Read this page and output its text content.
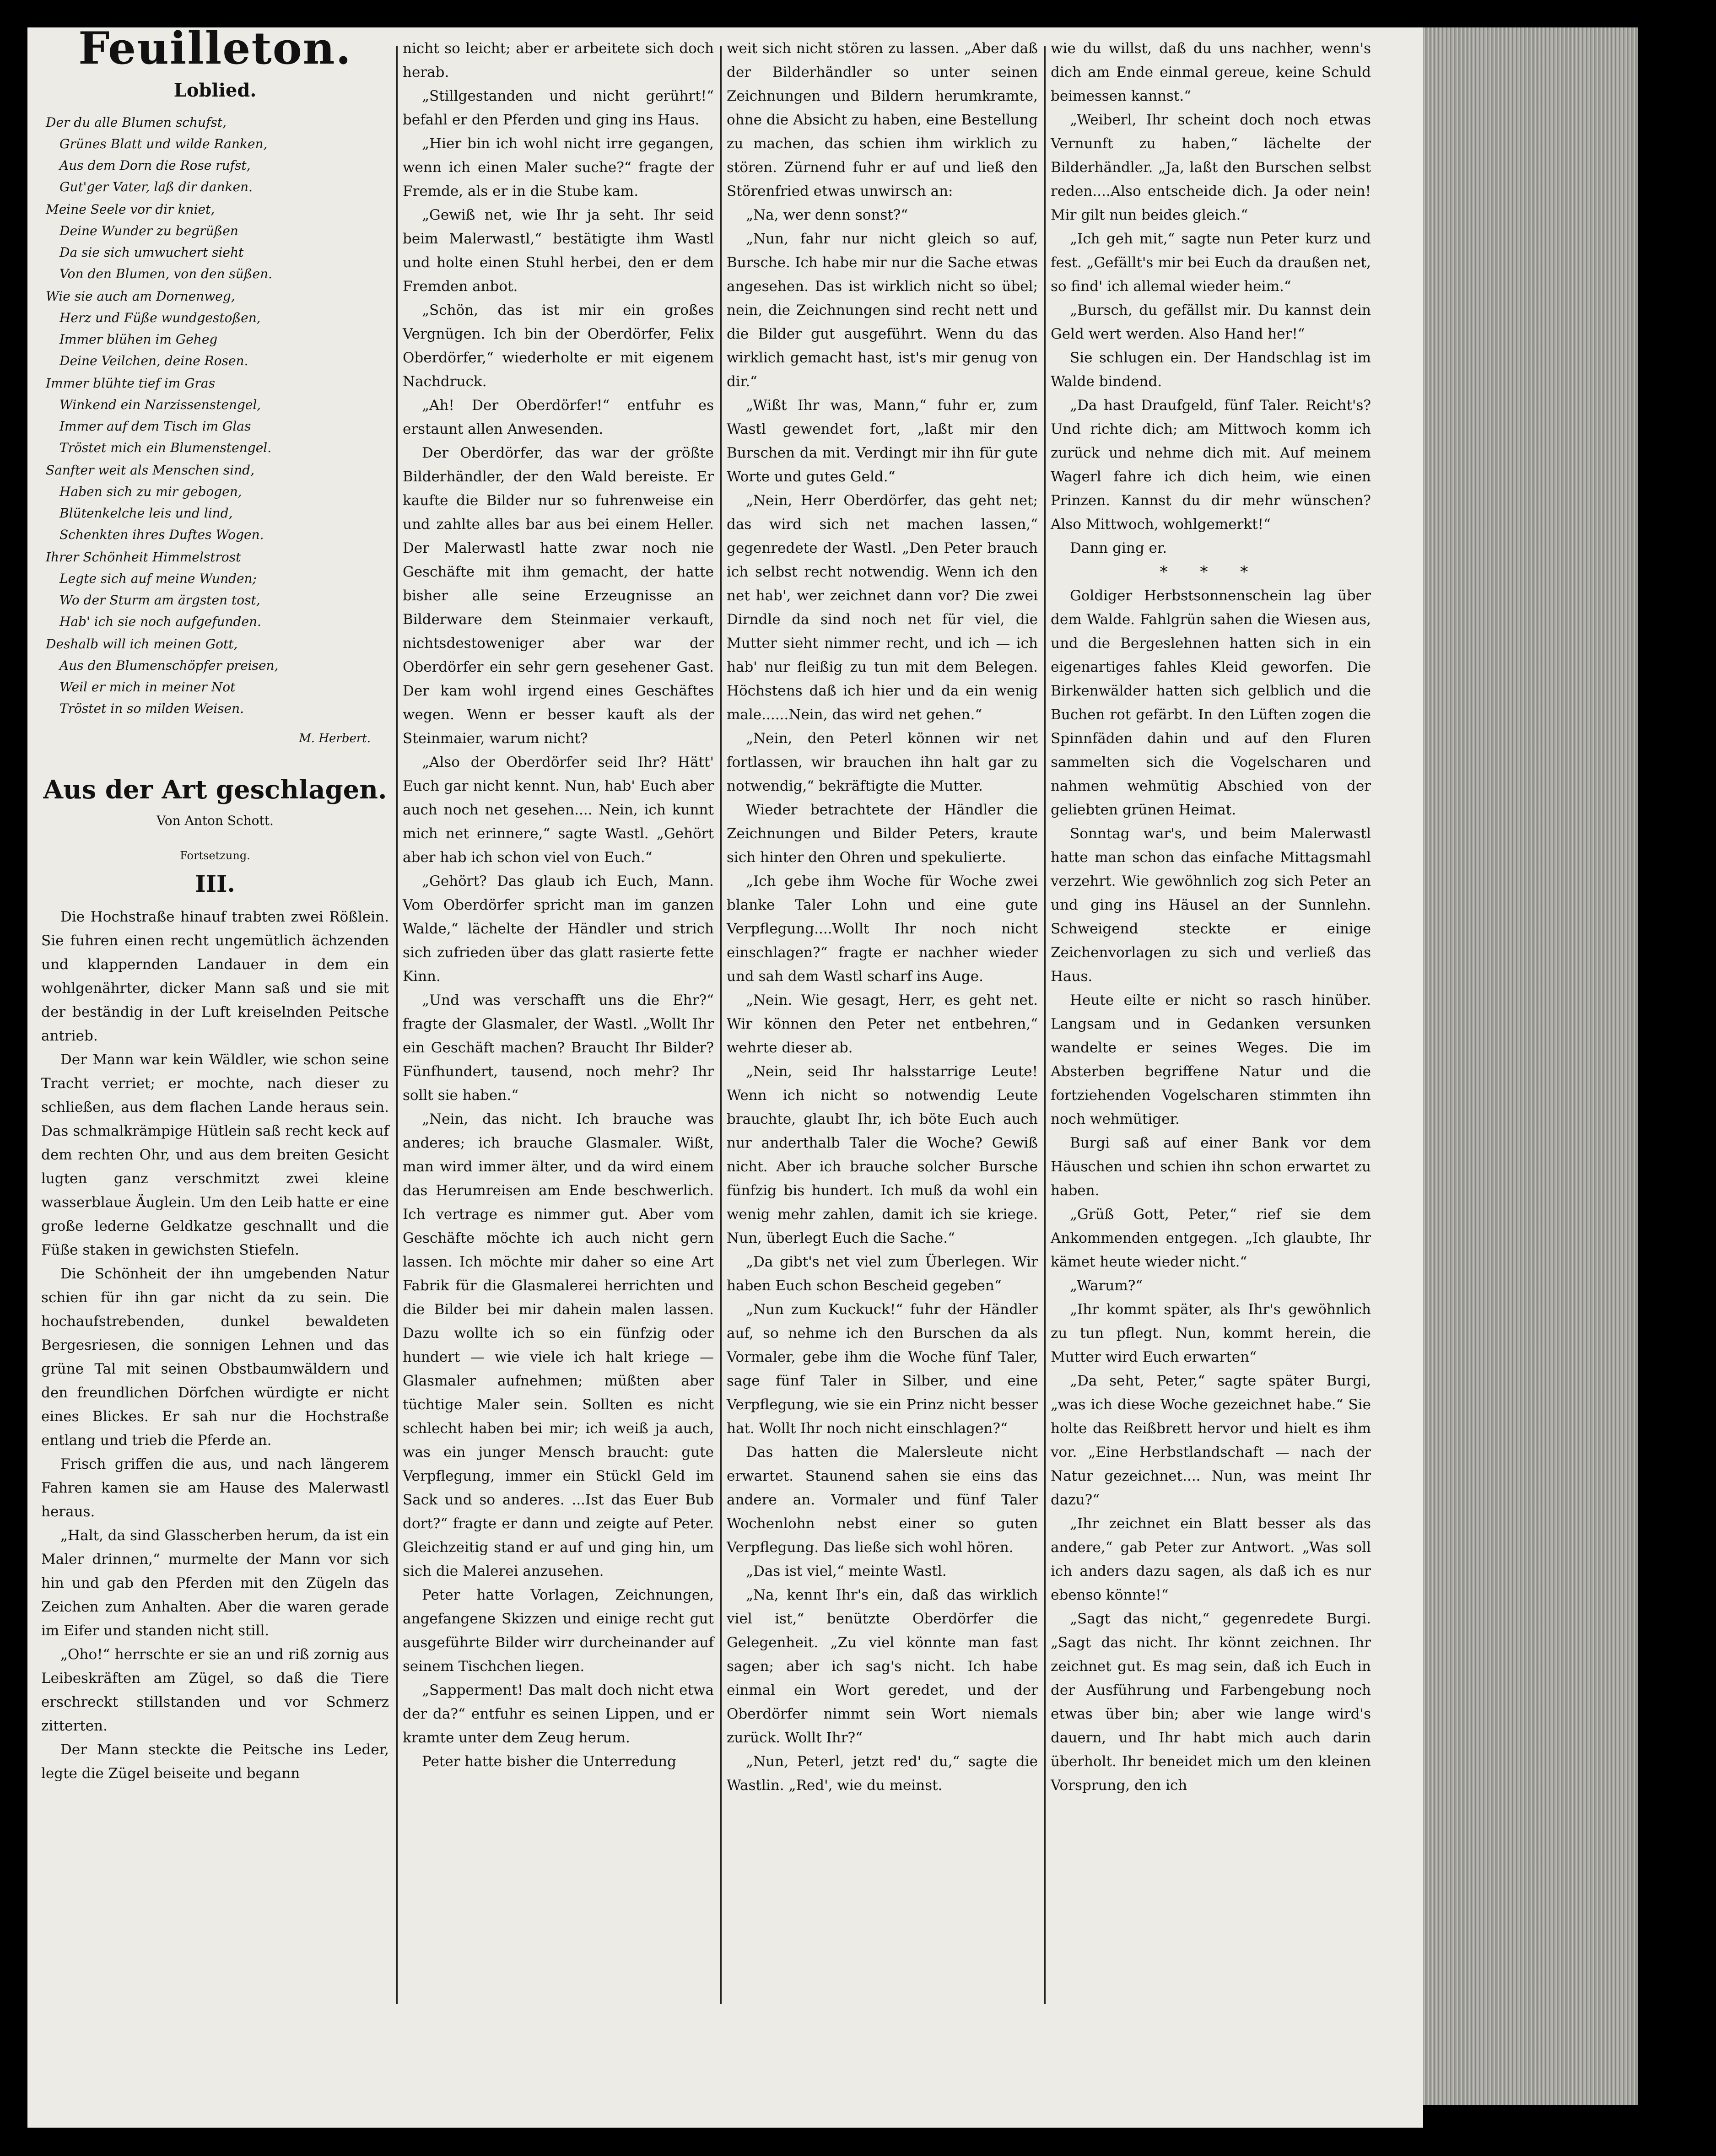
Feuilleton.
Loblied.
Der du alle Blumen schufst,
Grünes Blatt und wilde Ranken,
Aus dem Dorn die Rose rufst,
Gut'ger Vater, laß dir danken.
Meine Seele vor dir kniet,
Deine Wunder zu begrüßen
Da sie sich umwuchert sieht
Von den Blumen, von den süßen.
Wie sie auch am Dornenweg,
Herz und Füße wundgestoßen,
Immer blühen im Geheg
Deine Veilchen, deine Rosen.
Immer blühte tief im Gras
Winkend ein Narzissenstengel,
Immer auf dem Tisch im Glas
Tröstet mich ein Blumenstengel.
Sanfter weit als Menschen sind,
Haben sich zu mir gebogen,
Blütenkelche leis und lind,
Schenkten ihres Duftes Wogen.
Ihrer Schönheit Himmelstrost
Legte sich auf meine Wunden;
Wo der Sturm am ärgsten tost,
Hab' ich sie noch aufgefunden.
Deshalb will ich meinen Gott,
Aus den Blumenschöpfer preisen,
Weil er mich in meiner Not
Tröstet in so milden Weisen.
M. Herbert.
Aus der Art geschlagen.
Von Anton Schott.
Fortsetzung.
III.

Die Hochstraße hinauf trabten zwei Rößlein. Sie fuhren einen recht ungemütlich ächzenden und klappernden Landauer in dem ein wohlgenährter, dicker Mann saß und sie mit der beständig in der Luft kreiselnden Peitsche antrieb.

Der Mann war kein Wäldler, wie schon seine Tracht verriet; er mochte, nach dieser zu schließen, aus dem flachen Lande heraus sein. Das schmalkrämpige Hütlein saß recht keck auf dem rechten Ohr, und aus dem breiten Gesicht lugten ganz verschmitzt zwei kleine wasserblaue Äuglein. Um den Leib hatte er eine große lederne Geldkatze geschnallt und die Füße staken in gewichsten Stiefeln.

Die Schönheit der ihn umgebenden Natur schien für ihn gar nicht da zu sein. Die hochaufstrebenden, dunkel bewaldeten Bergesriesen, die sonnigen Lehnen und das grüne Tal mit seinen Obstbaumwäldern und den freundlichen Dörfchen würdigte er nicht eines Blickes. Er sah nur die Hochstraße entlang und trieb die Pferde an.

Frisch griffen die aus, und nach längerem Fahren kamen sie am Hause des Malerwastl heraus.

„Halt, da sind Glasscherben herum, da ist ein Maler drinnen,“ murmelte der Mann vor sich hin und gab den Pferden mit den Zügeln das Zeichen zum Anhalten. Aber die waren gerade im Eifer und standen nicht still.

„Oho!“ herrschte er sie an und riß zornig aus Leibeskräften am Zügel, so daß die Tiere erschreckt stillstanden und vor Schmerz zitterten.

Der Mann steckte die Peitsche ins Leder, legte die Zügel beiseite und begann

nicht so leicht; aber er arbeitete sich doch herab.

„Stillgestanden und nicht gerührt!“ befahl er den Pferden und ging ins Haus.

„Hier bin ich wohl nicht irre gegangen, wenn ich einen Maler suche?“ fragte der Fremde, als er in die Stube kam.

„Gewiß net, wie Ihr ja seht. Ihr seid beim Malerwastl,“ bestätigte ihm Wastl und holte einen Stuhl herbei, den er dem Fremden anbot.

„Schön, das ist mir ein großes Vergnügen. Ich bin der Oberdörfer, Felix Oberdörfer,“ wiederholte er mit eigenem Nachdruck.

„Ah! Der Oberdörfer!“ entfuhr es erstaunt allen Anwesenden.

Der Oberdörfer, das war der größte Bilderhändler, der den Wald bereiste. Er kaufte die Bilder nur so fuhrenweise ein und zahlte alles bar aus bei einem Heller. Der Malerwastl hatte zwar noch nie Geschäfte mit ihm gemacht, der hatte bisher alle seine Erzeugnisse an Bilderware dem Steinmaier verkauft, nichtsdestoweniger aber war der Oberdörfer ein sehr gern gesehener Gast. Der kam wohl irgend eines Geschäftes wegen. Wenn er besser kauft als der Steinmaier, warum nicht?

„Also der Oberdörfer seid Ihr? Hätt' Euch gar nicht kennt. Nun, hab' Euch aber auch noch net gesehen.... Nein, ich kunnt mich net erinnere,“ sagte Wastl. „Gehört aber hab ich schon viel von Euch.“

„Gehört? Das glaub ich Euch, Mann. Vom Oberdörfer spricht man im ganzen Walde,“ lächelte der Händler und strich sich zufrieden über das glatt rasierte fette Kinn.

„Und was verschafft uns die Ehr?“ fragte der Glasmaler, der Wastl. „Wollt Ihr ein Geschäft machen? Braucht Ihr Bilder? Fünfhundert, tausend, noch mehr? Ihr sollt sie haben.“

„Nein, das nicht. Ich brauche was anderes; ich brauche Glasmaler. Wißt, man wird immer älter, und da wird einem das Herumreisen am Ende beschwerlich. Ich vertrage es nimmer gut. Aber vom Geschäfte möchte ich auch nicht gern lassen. Ich möchte mir daher so eine Art Fabrik für die Glasmalerei herrichten und die Bilder bei mir dahein malen lassen. Dazu wollte ich so ein fünfzig oder hundert — wie viele ich halt kriege — Glasmaler aufnehmen; müßten aber tüchtige Maler sein. Sollten es nicht schlecht haben bei mir; ich weiß ja auch, was ein junger Mensch braucht: gute Verpflegung, immer ein Stückl Geld im Sack und so anderes. ...Ist das Euer Bub dort?“ fragte er dann und zeigte auf Peter. Gleichzeitig stand er auf und ging hin, um sich die Malerei anzusehen.

Peter hatte Vorlagen, Zeichnungen, angefangene Skizzen und einige recht gut ausgeführte Bilder wirr durcheinander auf seinem Tischchen liegen.

„Sapperment! Das malt doch nicht etwa der da?“ entfuhr es seinen Lippen, und er kramte unter dem Zeug herum.

Peter hatte bisher die Unterredung

weit sich nicht stören zu lassen. „Aber daß der Bilderhändler so unter seinen Zeichnungen und Bildern herumkramte, ohne die Absicht zu haben, eine Bestellung zu machen, das schien ihm wirklich zu stören. Zürnend fuhr er auf und ließ den Störenfried etwas unwirsch an:

„Na, wer denn sonst?“

„Nun, fahr nur nicht gleich so auf, Bursche. Ich habe mir nur die Sache etwas angesehen. Das ist wirklich nicht so übel; nein, die Zeichnungen sind recht nett und die Bilder gut ausgeführt. Wenn du das wirklich gemacht hast, ist's mir genug von dir.“

„Wißt Ihr was, Mann,“ fuhr er, zum Wastl gewendet fort, „laßt mir den Burschen da mit. Verdingt mir ihn für gute Worte und gutes Geld.“

„Nein, Herr Oberdörfer, das geht net; das wird sich net machen lassen,“ gegenredete der Wastl. „Den Peter brauch ich selbst recht notwendig. Wenn ich den net hab', wer zeichnet dann vor? Die zwei Dirndle da sind noch net für viel, die Mutter sieht nimmer recht, und ich — ich hab' nur fleißig zu tun mit dem Belegen. Höchstens daß ich hier und da ein wenig male......Nein, das wird net gehen.“

„Nein, den Peterl können wir net fortlassen, wir brauchen ihn halt gar zu notwendig,“ bekräftigte die Mutter.

Wieder betrachtete der Händler die Zeichnungen und Bilder Peters, kraute sich hinter den Ohren und spekulierte.

„Ich gebe ihm Woche für Woche zwei blanke Taler Lohn und eine gute Verpflegung....Wollt Ihr noch nicht einschlagen?“ fragte er nachher wieder und sah dem Wastl scharf ins Auge.

„Nein. Wie gesagt, Herr, es geht net. Wir können den Peter net entbehren,“ wehrte dieser ab.

„Nein, seid Ihr halsstarrige Leute! Wenn ich nicht so notwendig Leute brauchte, glaubt Ihr, ich böte Euch auch nur anderthalb Taler die Woche? Gewiß nicht. Aber ich brauche solcher Bursche fünfzig bis hundert. Ich muß da wohl ein wenig mehr zahlen, damit ich sie kriege. Nun, überlegt Euch die Sache.“

„Da gibt's net viel zum Überlegen. Wir haben Euch schon Bescheid gegeben“

„Nun zum Kuckuck!“ fuhr der Händler auf, so nehme ich den Burschen da als Vormaler, gebe ihm die Woche fünf Taler, sage fünf Taler in Silber, und eine Verpflegung, wie sie ein Prinz nicht besser hat. Wollt Ihr noch nicht einschlagen?“

Das hatten die Malersleute nicht erwartet. Staunend sahen sie eins das andere an. Vormaler und fünf Taler Wochenlohn nebst einer so guten Verpflegung. Das ließe sich wohl hören.

„Das ist viel,“ meinte Wastl.

„Na, kennt Ihr's ein, daß das wirklich viel ist,“ benützte Oberdörfer die Gelegenheit. „Zu viel könnte man fast sagen; aber ich sag's nicht. Ich habe einmal ein Wort geredet, und der Oberdörfer nimmt sein Wort niemals zurück. Wollt Ihr?“

„Nun, Peterl, jetzt red' du,“ sagte die Wastlin. „Red', wie du meinst.

wie du willst, daß du uns nachher, wenn's dich am Ende einmal gereue, keine Schuld beimessen kannst.“

„Weiberl, Ihr scheint doch noch etwas Vernunft zu haben,“ lächelte der Bilderhändler. „Ja, laßt den Burschen selbst reden....Also entscheide dich. Ja oder nein! Mir gilt nun beides gleich.“

„Ich geh mit,“ sagte nun Peter kurz und fest. „Gefällt's mir bei Euch da draußen net, so find' ich allemal wieder heim.“

„Bursch, du gefällst mir. Du kannst dein Geld wert werden. Also Hand her!“

Sie schlugen ein. Der Handschlag ist im Walde bindend.

„Da hast Draufgeld, fünf Taler. Reicht's? Und richte dich; am Mittwoch komm ich zurück und nehme dich mit. Auf meinem Wagerl fahre ich dich heim, wie einen Prinzen. Kannst du dir mehr wünschen? Also Mittwoch, wohlgemerkt!“

Dann ging er.

* * *

Goldiger Herbstsonnenschein lag über dem Walde. Fahlgrün sahen die Wiesen aus, und die Bergeslehnen hatten sich in ein eigenartiges fahles Kleid geworfen. Die Birkenwälder hatten sich gelblich und die Buchen rot gefärbt. In den Lüften zogen die Spinnfäden dahin und auf den Fluren sammelten sich die Vogelscharen und nahmen wehmütig Abschied von der geliebten grünen Heimat.

Sonntag war's, und beim Malerwastl hatte man schon das einfache Mittagsmahl verzehrt. Wie gewöhnlich zog sich Peter an und ging ins Häusel an der Sunnlehn. Schweigend steckte er einige Zeichenvorlagen zu sich und verließ das Haus.

Heute eilte er nicht so rasch hinüber. Langsam und in Gedanken versunken wandelte er seines Weges. Die im Absterben begriffene Natur und die fortziehenden Vogelscharen stimmten ihn noch wehmütiger.

Burgi saß auf einer Bank vor dem Häuschen und schien ihn schon erwartet zu haben.

„Grüß Gott, Peter,“ rief sie dem Ankommenden entgegen. „Ich glaubte, Ihr kämet heute wieder nicht.“

„Warum?“

„Ihr kommt später, als Ihr's gewöhnlich zu tun pflegt. Nun, kommt herein, die Mutter wird Euch erwarten“

„Da seht, Peter,“ sagte später Burgi, „was ich diese Woche gezeichnet habe.“ Sie holte das Reißbrett hervor und hielt es ihm vor. „Eine Herbstlandschaft — nach der Natur gezeichnet.... Nun, was meint Ihr dazu?“

„Ihr zeichnet ein Blatt besser als das andere,“ gab Peter zur Antwort. „Was soll ich anders dazu sagen, als daß ich es nur ebenso könnte!“

„Sagt das nicht,“ gegenredete Burgi. „Sagt das nicht. Ihr könnt zeichnen. Ihr zeichnet gut. Es mag sein, daß ich Euch in der Ausführung und Farbengebung noch etwas über bin; aber wie lange wird's dauern, und Ihr habt mich auch darin überholt. Ihr beneidet mich um den kleinen Vorsprung, den ich
